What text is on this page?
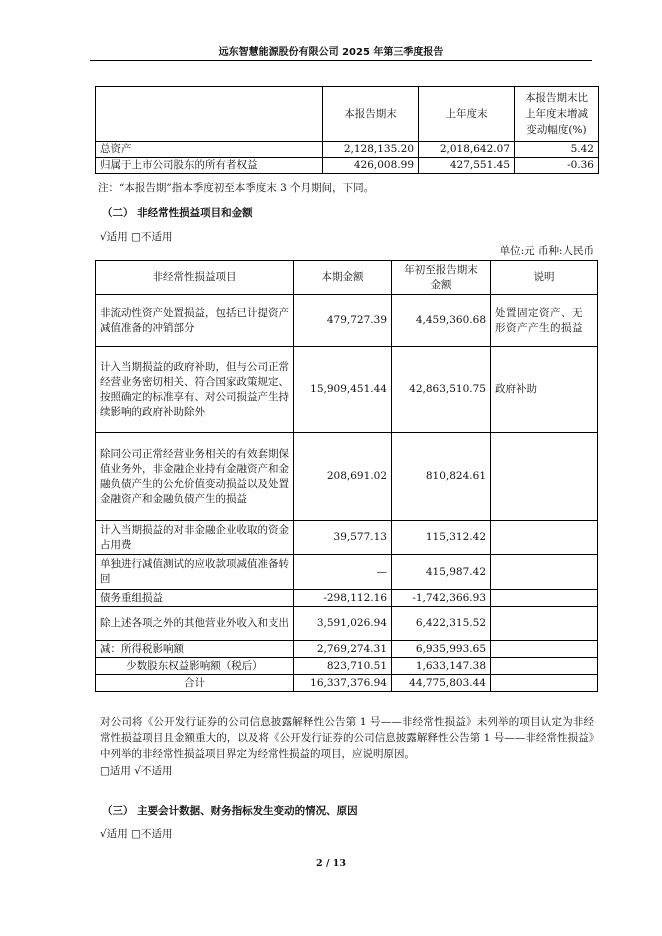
远东智慧能源股份有限公司 2025 年第三季度报告
	本报告期末	上年度末	本报告期末比
上年度末增减
变动幅度(%)
总资产	2,128,135.20	2,018,642.07	5.42
归属于上市公司股东的所有者权益	426,008.99	427,551.45	-0.36
注：“本报告期”指本季度初至本季度末 3 个月期间，下同。
（二） 非经常性损益项目和金额
√适用 □不适用
单位:元 币种:人民币
非经常性损益项目	本期金额	年初至报告期末
金额	说明
非流动性资产处置损益，包括已计提资产减值准备的冲销部分	479,727.39	4,459,360.68	处置固定资产、无形资产产生的损益
计入当期损益的政府补助，但与公司正常经营业务密切相关、符合国家政策规定、按照确定的标准享有、对公司损益产生持续影响的政府补助除外	15,909,451.44	42,863,510.75	政府补助
除同公司正常经营业务相关的有效套期保值业务外，非金融企业持有金融资产和金融负债产生的公允价值变动损益以及处置金融资产和金融负债产生的损益	208,691.02	810,824.61	
计入当期损益的对非金融企业收取的资金占用费	39,577.13	115,312.42	
单独进行减值测试的应收款项减值准备转回	—	415,987.42	
债务重组损益	-298,112.16	-1,742,366.93	
除上述各项之外的其他营业外收入和支出	3,591,026.94	6,422,315.52	
减：所得税影响额	2,769,274.31	6,935,993.65	
少数股东权益影响额（税后）	823,710.51	1,633,147.38	
合计	16,337,376.94	44,775,803.44	
对公司将《公开发行证券的公司信息披露解释性公告第 1 号——非经常性损益》未列举的项目认定为非经常性损益项目且金额重大的，以及将《公开发行证券的公司信息披露解释性公告第 1 号——非经常性损益》中列举的非经常性损益项目界定为经常性损益的项目，应说明原因。
□适用 √不适用
（三） 主要会计数据、财务指标发生变动的情况、原因
√适用 □不适用
2 / 13
